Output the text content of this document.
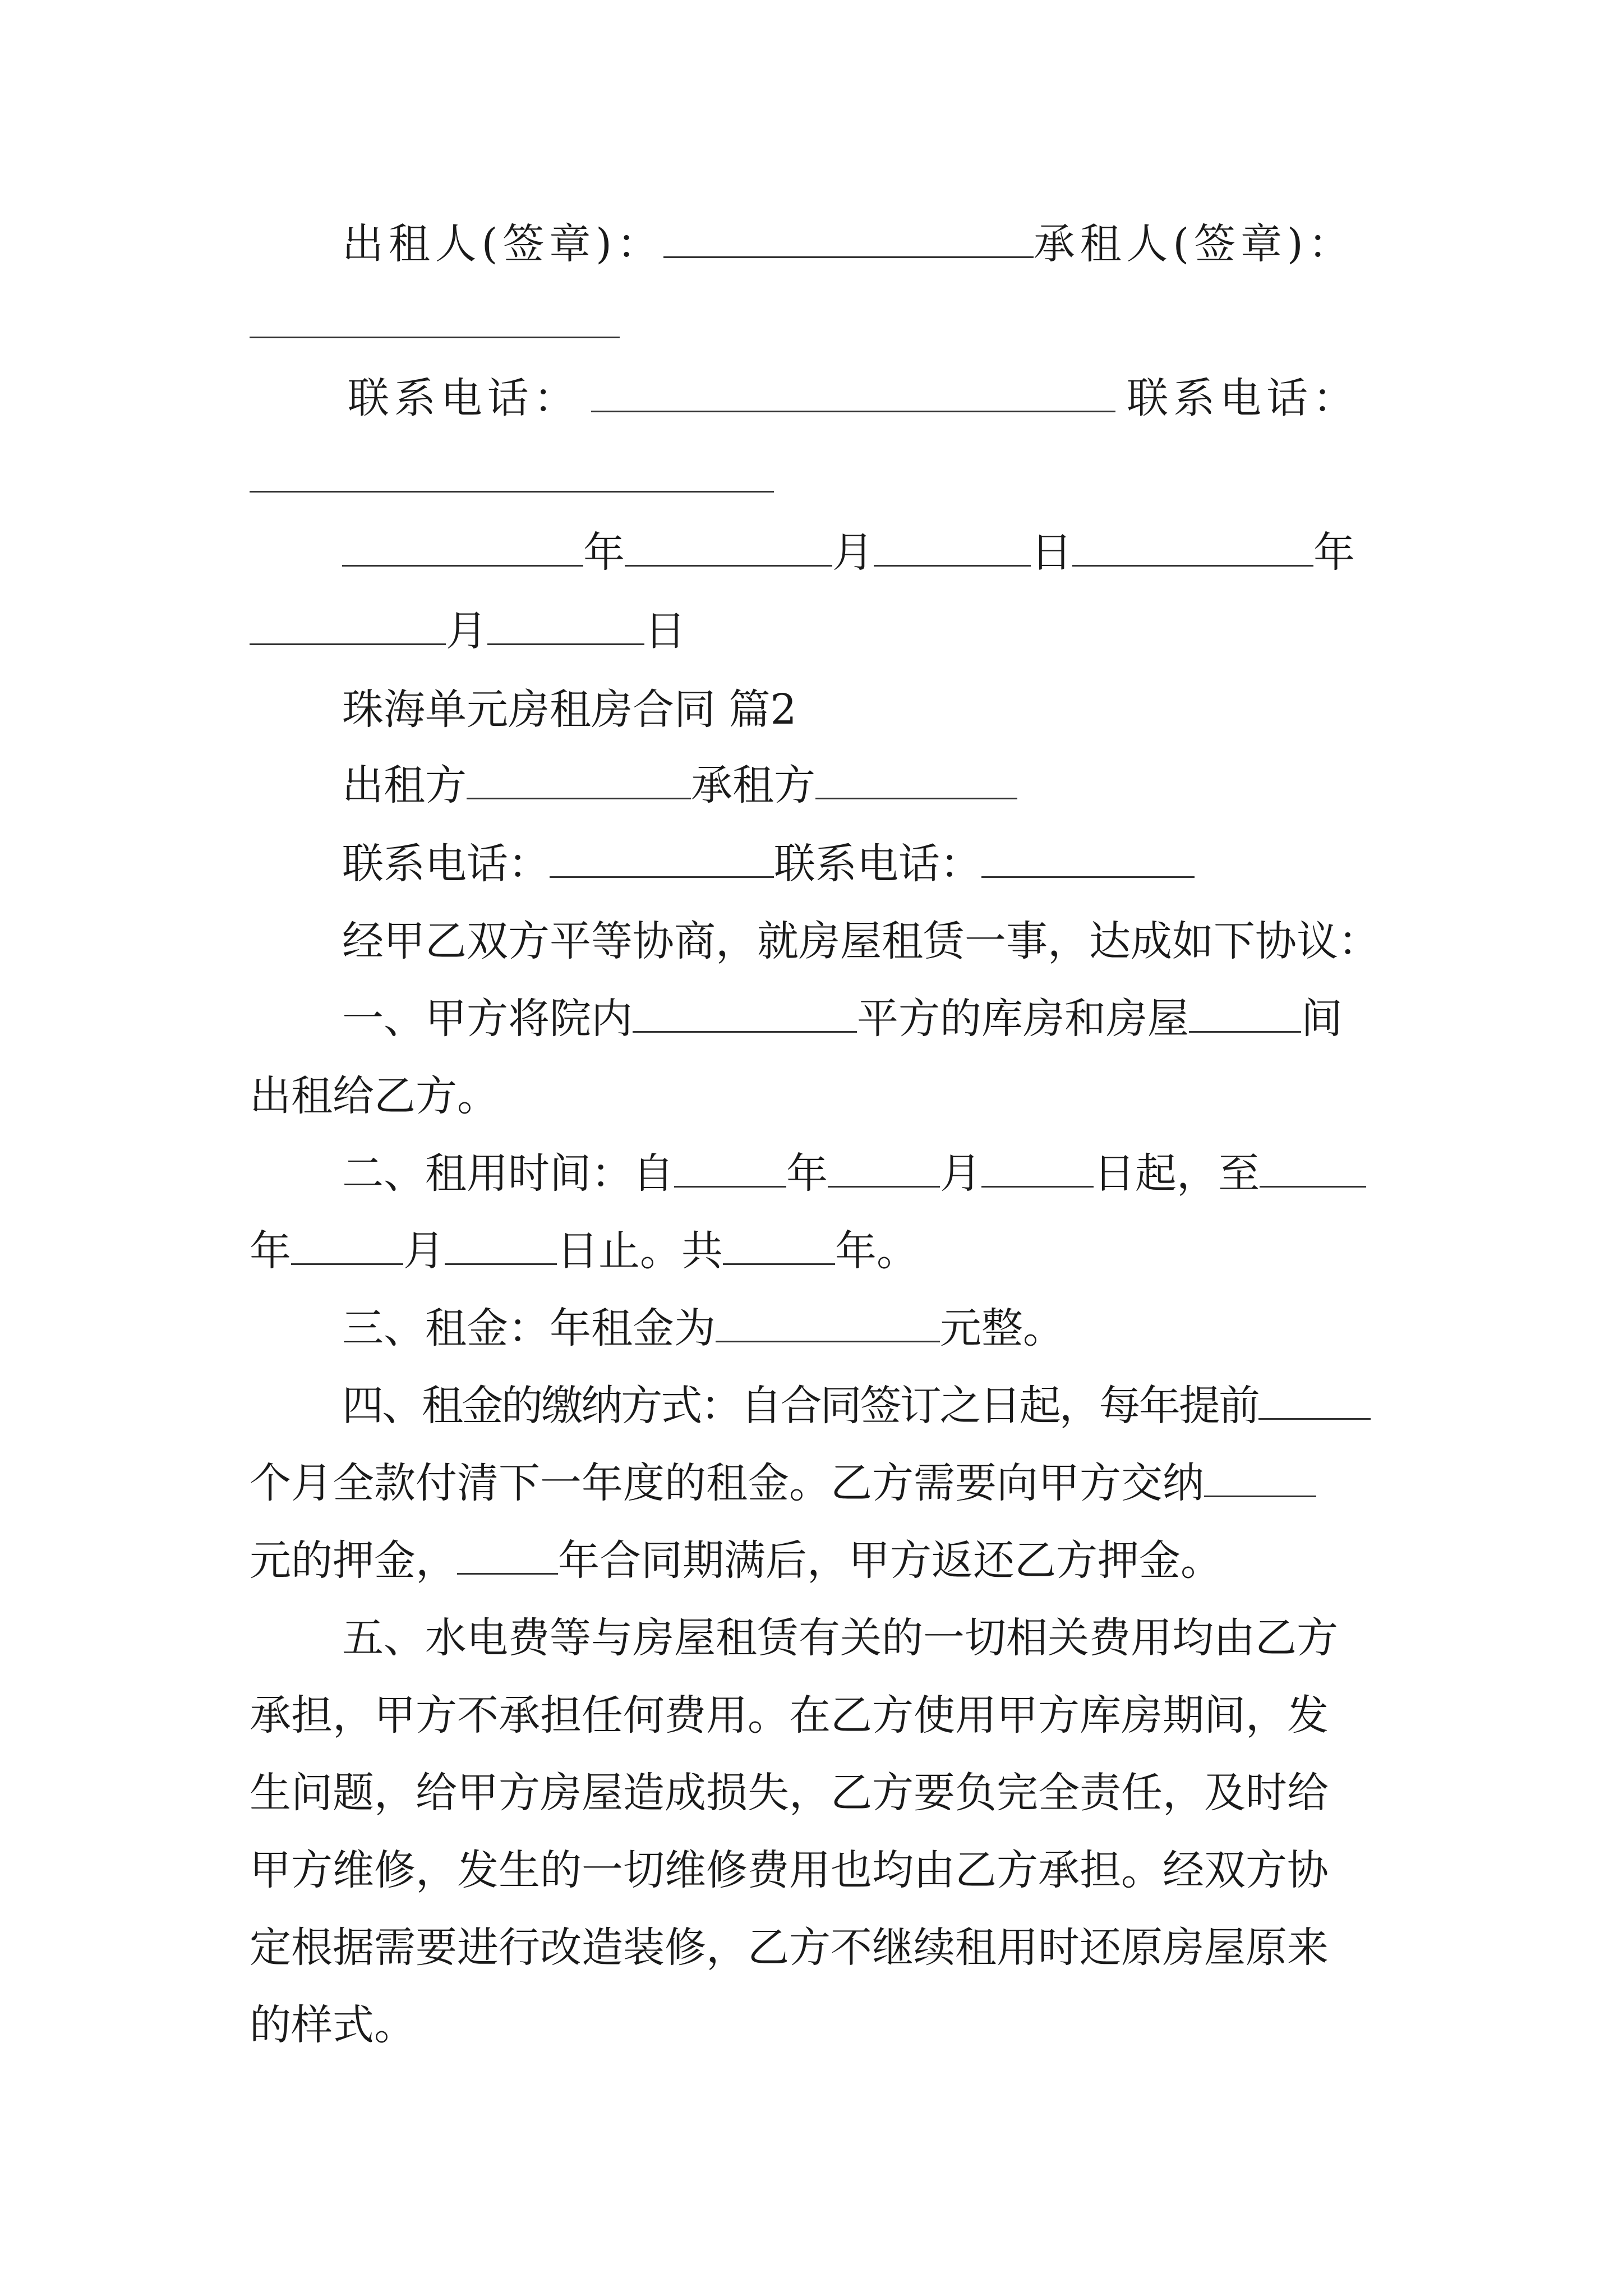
出租人(签章)：	承租人(签章)：
联系电话：	联系电话：
年	月	日	年
月	日
珠海单元房租房合同 篇2
出租方	承租方
联系电话：	联系电话：
经甲乙双方平等协商，就房屋租赁一事，达成如下协议：
一、甲方将院内	平方的库房和房屋	间
出租给乙方。
二、租用时间：自	年	月	日起，至
年	月	日止。共	年。
三、租金：年租金为	元整。
四、租金的缴纳方式：自合同签订之日起，每年提前
个月全款付清下一年度的租金。乙方需要向甲方交纳
元的押金， 年合同期满后，甲方返还乙方押金。
五、水电费等与房屋租赁有关的一切相关费用均由乙方
承担，甲方不承担任何费用。在乙方使用甲方库房期间，发
生问题，给甲方房屋造成损失，乙方要负完全责任，及时给
甲方维修，发生的一切维修费用也均由乙方承担。经双方协
定根据需要进行改造装修，乙方不继续租用时还原房屋原来
的样式。
